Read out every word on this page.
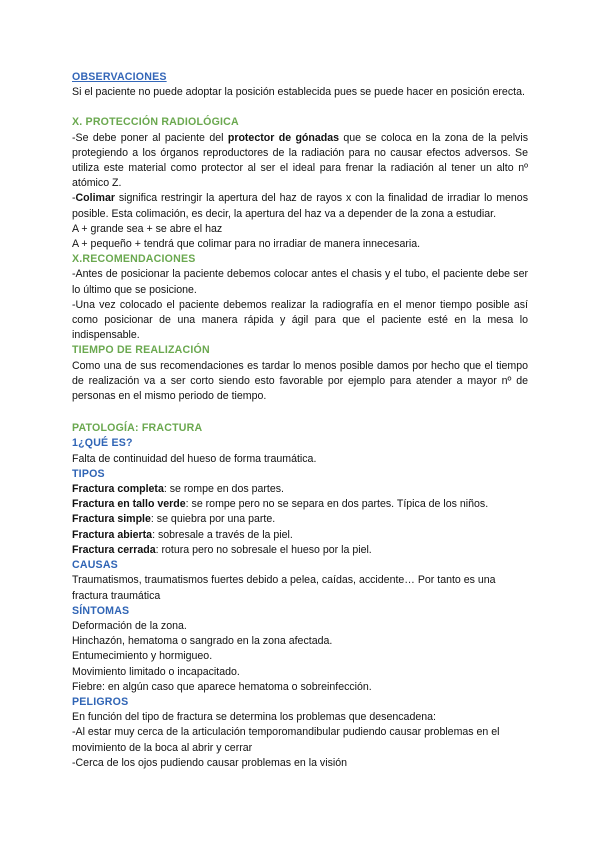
OBSERVACIONES

Si el paciente no puede adoptar la posición establecida pues se puede hacer en posición erecta.

X. PROTECCIÓN RADIOLÓGICA

-Se debe poner al paciente del protector de gónadas que se coloca en la zona de la pelvis protegiendo a los órganos reproductores de la radiación para no causar efectos adversos. Se utiliza este material como protector al ser el ideal para frenar la radiación al tener un alto nº atómico Z.

-Colimar significa restringir la apertura del haz de rayos x con la finalidad de irradiar lo menos posible. Esta colimación, es decir, la apertura del haz va a depender de la zona a estudiar.

A + grande sea + se abre el haz

A + pequeño + tendrá que colimar para no irradiar de manera innecesaria.

X.RECOMENDACIONES

-Antes de posicionar la paciente debemos colocar antes el chasis y el tubo, el paciente debe ser lo último que se posicione.

-Una vez colocado el paciente debemos realizar la radiografía en el menor tiempo posible así como posicionar de una manera rápida y ágil para que el paciente esté en la mesa lo indispensable.

TIEMPO DE REALIZACIÓN

Como una de sus recomendaciones es tardar lo menos posible damos por hecho que el tiempo de realización va a ser corto siendo esto favorable por ejemplo para atender a mayor nº de personas en el mismo periodo de tiempo.

PATOLOGÍA: FRACTURA
1¿QUÉ ES?

Falta de continuidad del hueso de forma traumática.

TIPOS

Fractura completa: se rompe en dos partes.

Fractura en tallo verde: se rompe pero no se separa en dos partes. Típica de los niños.

Fractura simple: se quiebra por una parte.

Fractura abierta: sobresale a través de la piel.

Fractura cerrada: rotura pero no sobresale el hueso por la piel.

CAUSAS

Traumatismos, traumatismos fuertes debido a pelea, caídas, accidente… Por tanto es una fractura traumática

SÍNTOMAS

Deformación de la zona.

Hinchazón, hematoma o sangrado en la zona afectada.

Entumecimiento y hormigueo.

Movimiento limitado o incapacitado.

Fiebre: en algún caso que aparece hematoma o sobreinfección.

PELIGROS

En función del tipo de fractura se determina los problemas que desencadena:

-Al estar muy cerca de la articulación temporomandibular pudiendo causar problemas en el movimiento de la boca al abrir y cerrar

-Cerca de los ojos pudiendo causar problemas en la visión
